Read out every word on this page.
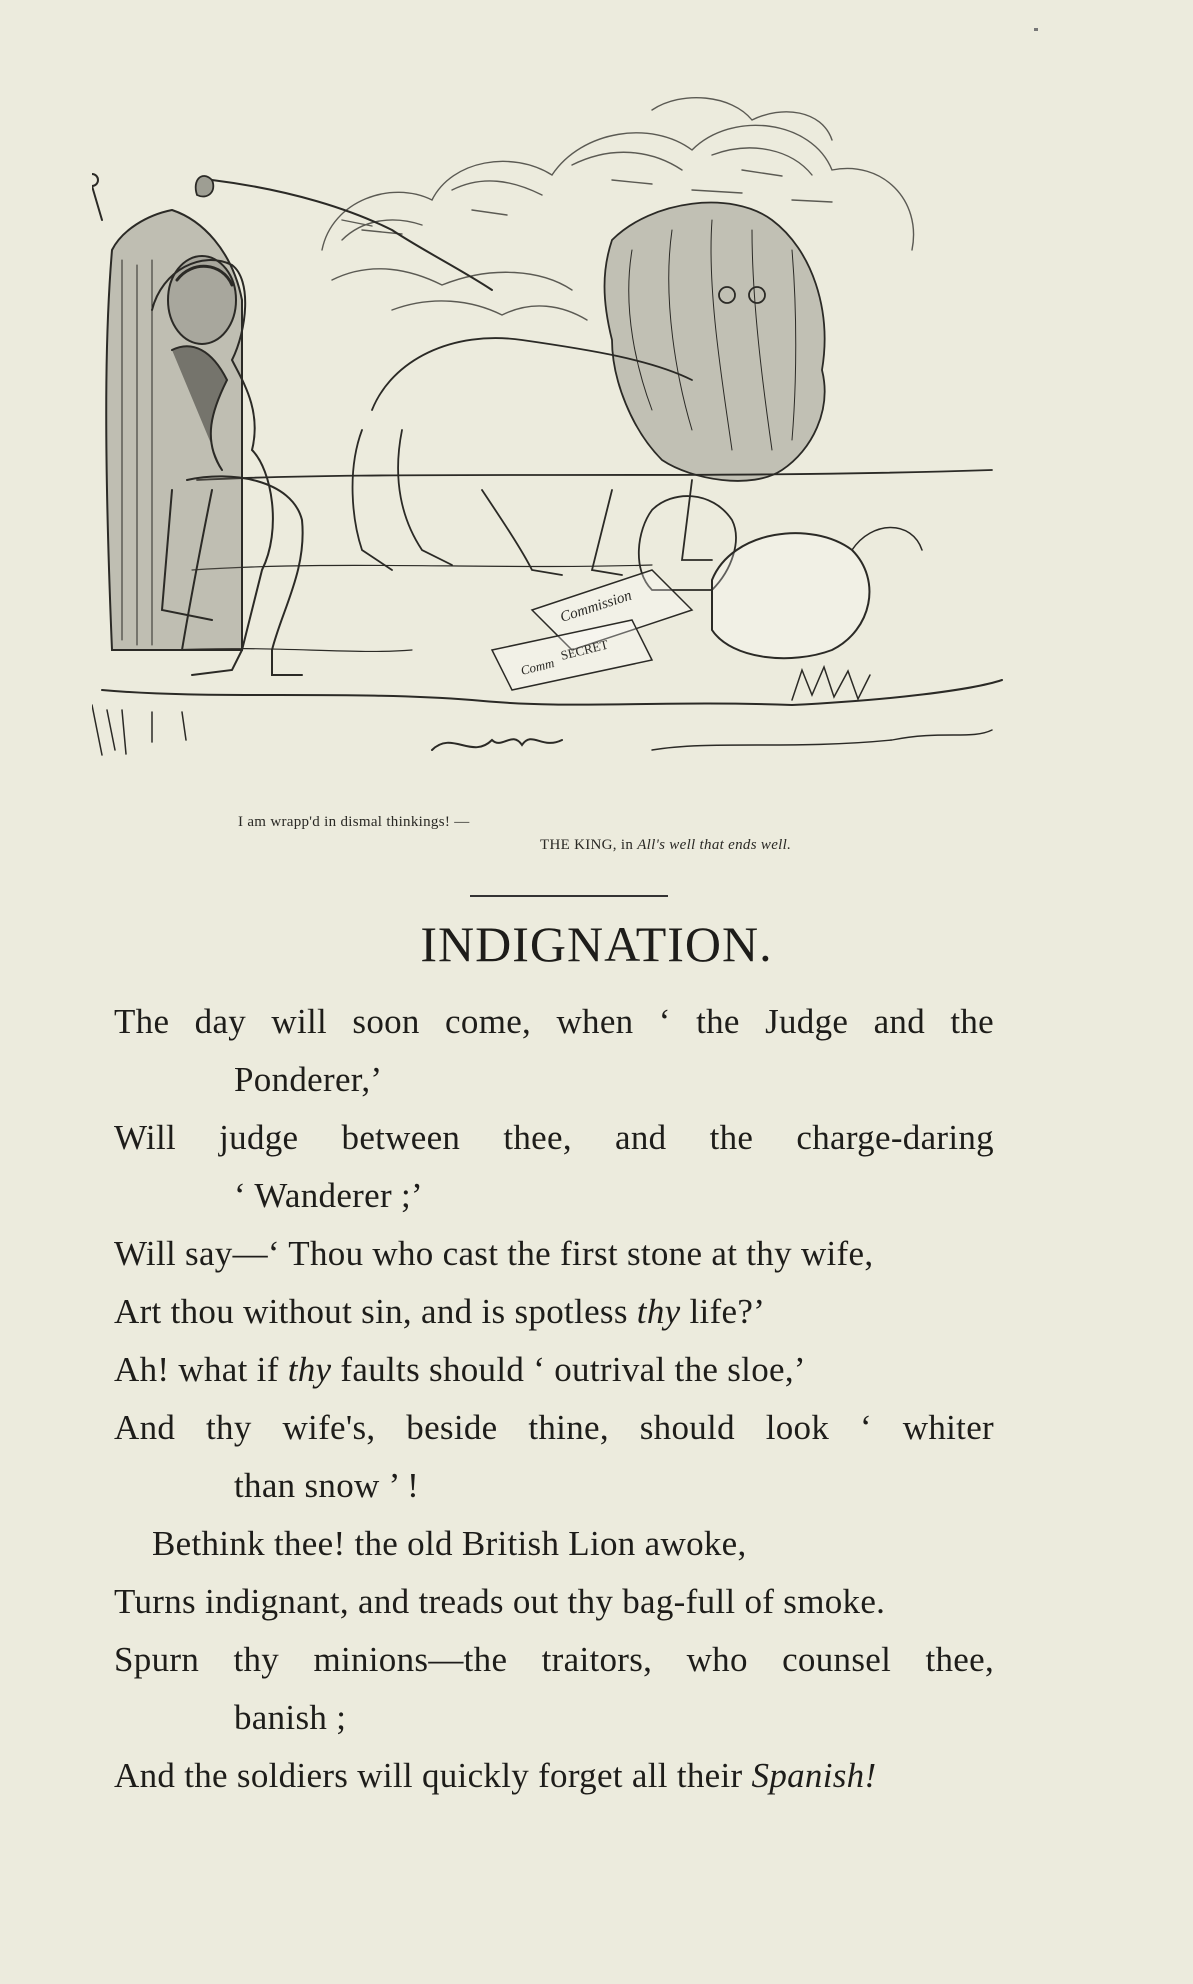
Commission
SECRET
Comm
I am wrapp'd in dismal thinkings! —
THE KING, in All's well that ends well.
INDIGNATION.
The day will soon come, when ‘ the Judge and the
Ponderer,’
Will judge between thee, and the charge-daring
‘ Wanderer ;’
Will say—‘ Thou who cast the first stone at thy wife,
Art thou without sin, and is spotless thy life?’
Ah! what if thy faults should ‘ outrival the sloe,’
And thy wife's, beside thine, should look ‘ whiter
than snow ’ !
Bethink thee! the old British Lion awoke,
Turns indignant, and treads out thy bag-full of smoke.
Spurn thy minions—the traitors, who counsel thee,
banish ;
And the soldiers will quickly forget all their Spanish!
